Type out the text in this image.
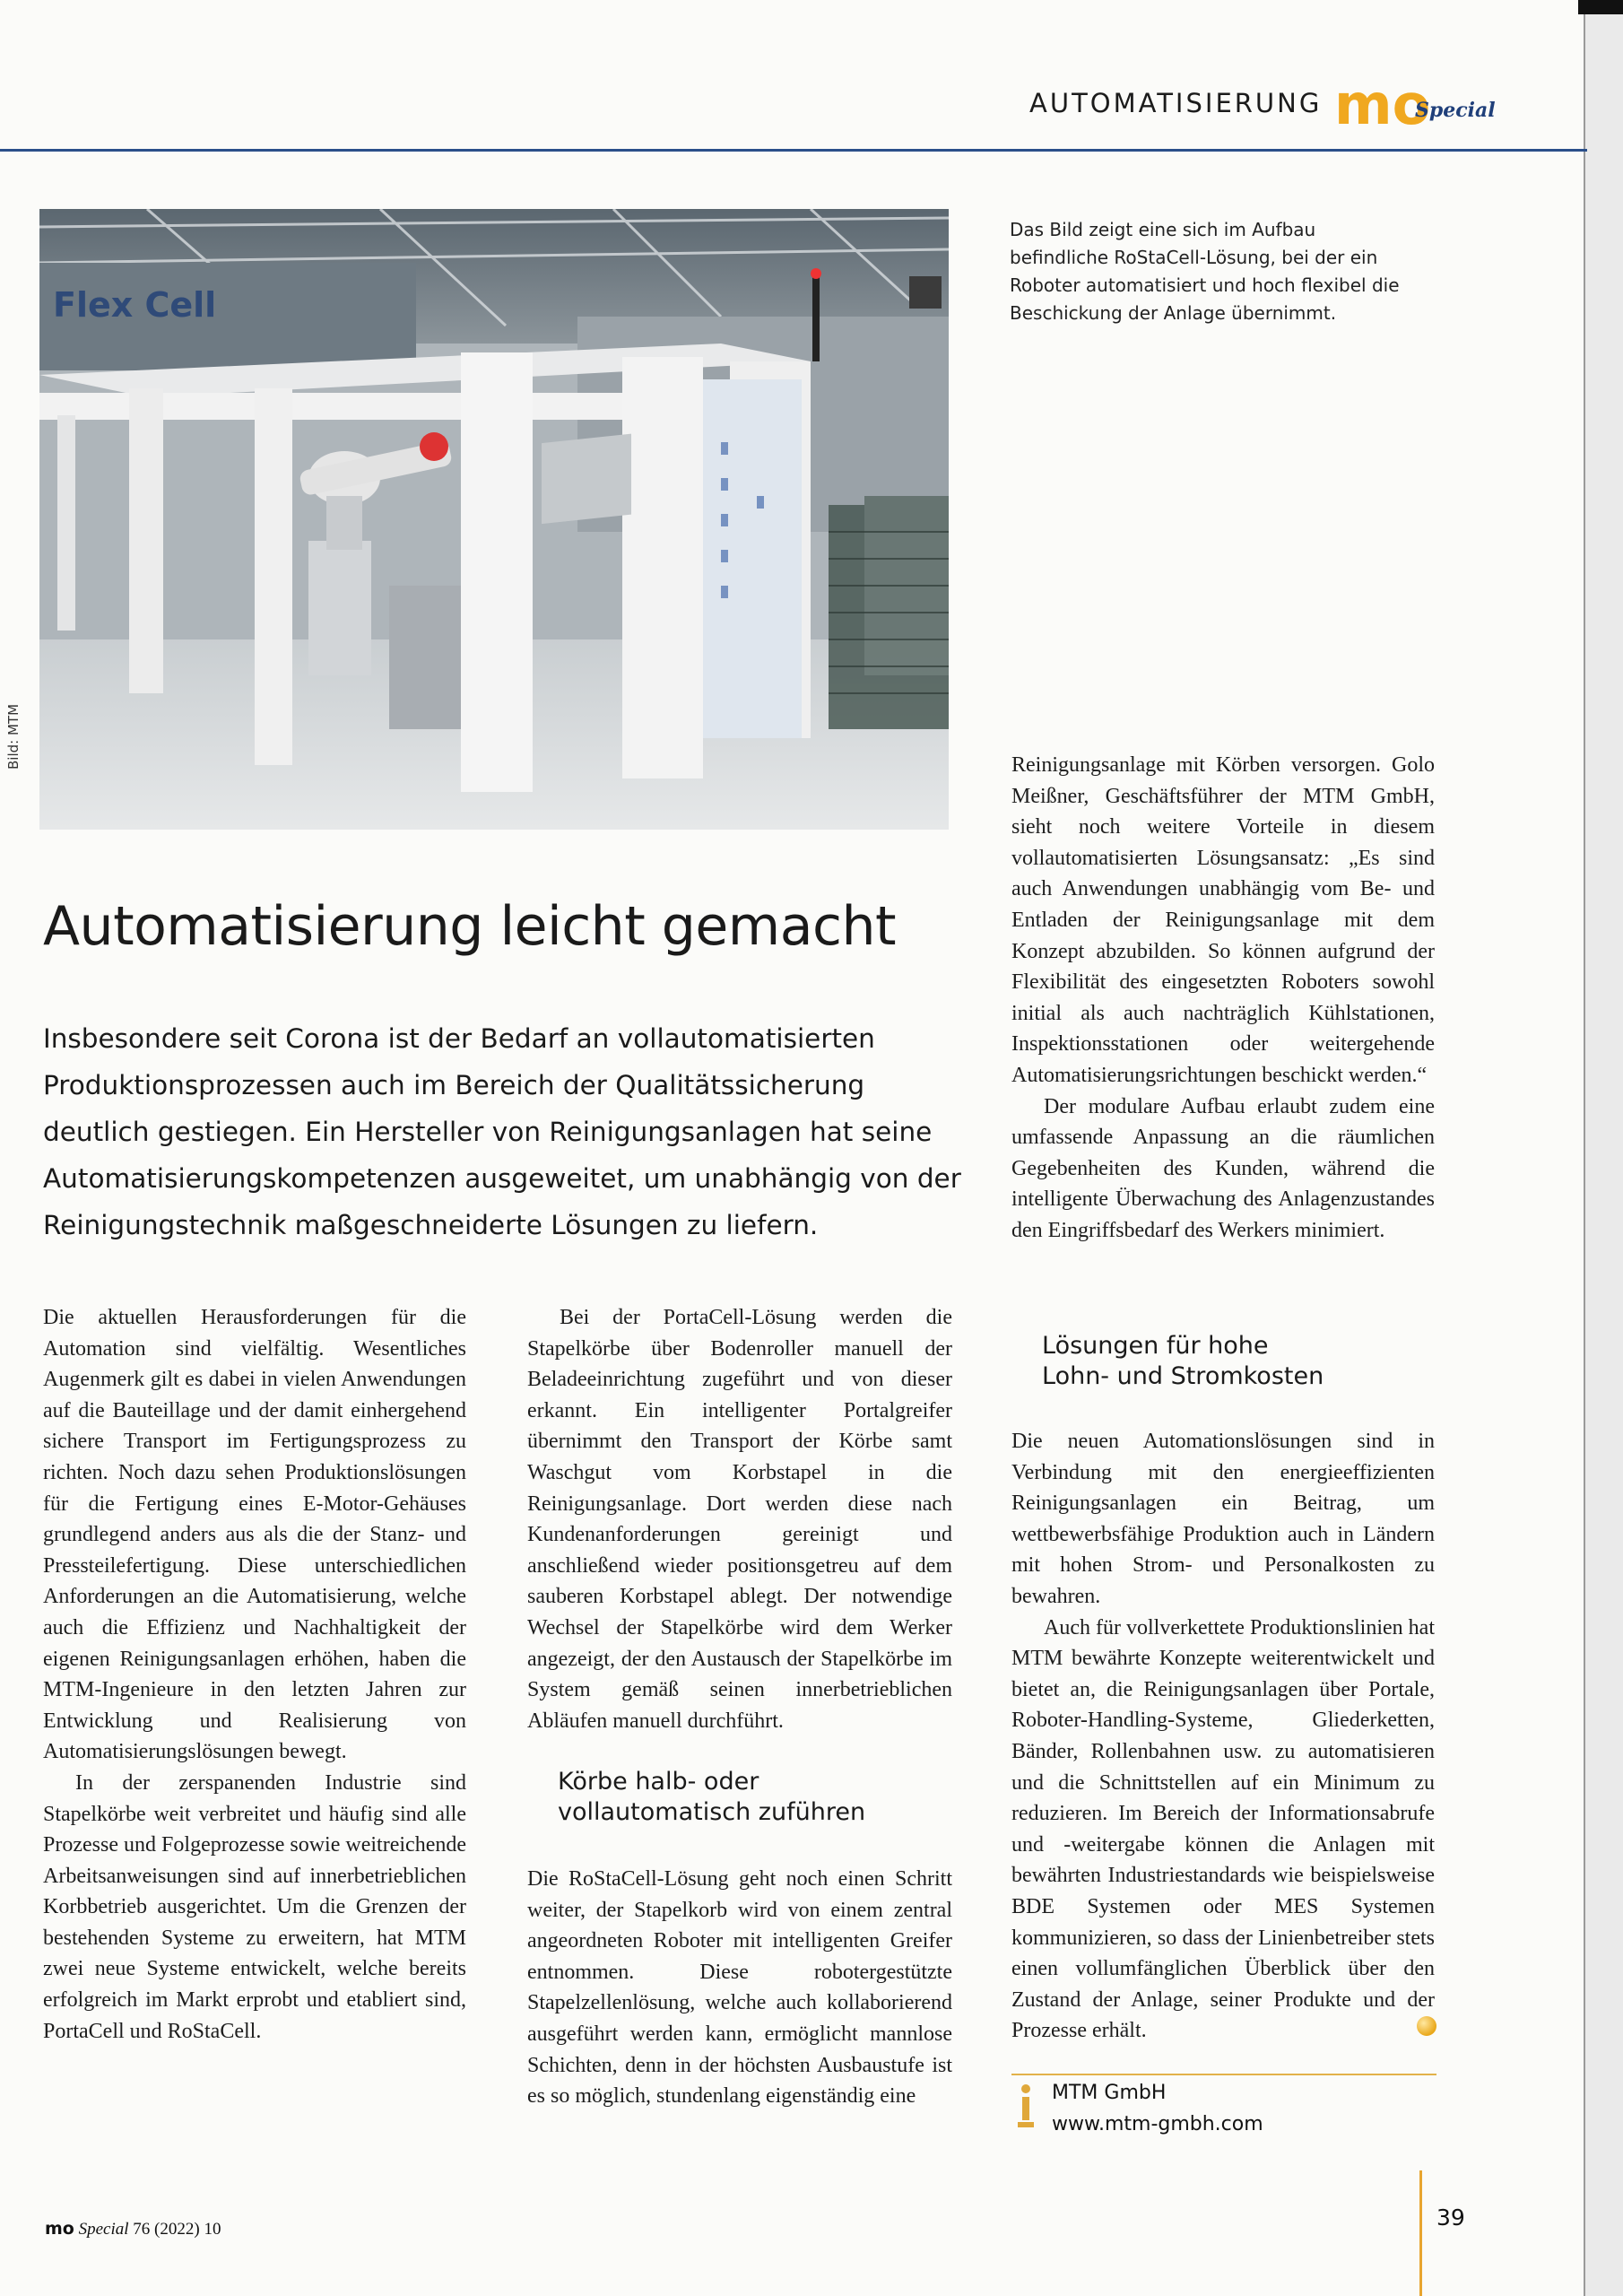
AUTOMATISIERUNG mo
Special
Flex Cell
Bild: MTM
Das Bild zeigt eine sich im Aufbau befindliche RoStaCell-Lösung, bei der ein Roboter automatisiert und hoch flexibel die Beschickung der Anlage übernimmt.
Automatisierung leicht gemacht
Insbesondere seit Corona ist der Bedarf an vollautomatisierten Produktionsprozessen auch im Bereich der Qualitätssicherung deutlich gestiegen. Ein Hersteller von Reinigungsanlagen hat seine Automatisierungskompetenzen ausgeweitet, um unabhängig von der Reinigungstechnik maßgeschneiderte Lösungen zu liefern.

Die aktuellen Herausforderungen für die Automation sind vielfältig. Wesentliches Augenmerk gilt es dabei in vielen Anwendungen auf die Bauteillage und der damit einhergehend sichere Transport im Fertigungsprozess zu richten. Noch dazu sehen Produktionslösungen für die Fertigung eines E-Motor-Gehäuses grundlegend anders aus als die der Stanz- und Pressteilefertigung. Diese unterschiedlichen Anforderungen an die Automatisierung, welche auch die Effizienz und Nachhaltigkeit der eigenen Reinigungsanlagen erhöhen, haben die MTM-Ingenieure in den letzten Jahren zur Entwicklung und Realisierung von Automatisierungslösungen bewegt.

In der zerspanenden Industrie sind Stapelkörbe weit verbreitet und häufig sind alle Prozesse und Folgeprozesse sowie weitreichende Arbeitsanweisungen sind auf innerbetrieblichen Korbbetrieb ausgerichtet. Um die Grenzen der bestehenden Systeme zu erweitern, hat MTM zwei neue Systeme entwickelt, welche bereits erfolgreich im Markt erprobt und etabliert sind, PortaCell und RoStaCell.

Bei der PortaCell-Lösung werden die Stapelkörbe über Bodenroller manuell der Beladeeinrichtung zugeführt und von dieser erkannt. Ein intelligenter Portalgreifer übernimmt den Transport der Körbe samt Waschgut vom Korbstapel in die Reinigungsanlage. Dort werden diese nach Kundenanforderungen gereinigt und anschließend wieder positionsgetreu auf dem sauberen Korbstapel ablegt. Der notwendige Wechsel der Stapelkörbe wird dem Werker angezeigt, der den Austausch der Stapelkörbe im System gemäß seinen innerbetrieblichen Abläufen manuell durchführt.

Körbe halb- oder

vollautomatisch zuführen

Die RoStaCell-Lösung geht noch einen Schritt weiter, der Stapelkorb wird von einem zentral angeordneten Roboter mit intelligenten Greifer entnommen. Diese robotergestützte Stapelzellenlösung, welche auch kollaborierend ausgeführt werden kann, ermöglicht mannlose Schichten, denn in der höchsten Ausbaustufe ist es so möglich, stundenlang eigenständig eine

Reinigungsanlage mit Körben versorgen. Golo Meißner, Geschäftsführer der MTM GmbH, sieht noch weitere Vorteile in diesem vollautomatisierten Lösungsansatz: „Es sind auch Anwendungen unabhängig vom Be- und Entladen der Reinigungsanlage mit dem Konzept abzubilden. So können aufgrund der Flexibilität des eingesetzten Roboters sowohl initial als auch nachträglich Kühlstationen, Inspektionsstationen oder weitergehende Automatisierungsrichtungen beschickt werden.“

Der modulare Aufbau erlaubt zudem eine umfassende Anpassung an die räumlichen Gegebenheiten des Kunden, während die intelligente Überwachung des Anlagenzustandes den Eingriffsbedarf des Werkers minimiert.

Lösungen für hohe

Lohn- und Stromkosten

Die neuen Automationslösungen sind in Verbindung mit den energieeffizienten Reinigungsanlagen ein Beitrag, um wettbewerbsfähige Produktion auch in Ländern mit hohen Strom- und Personalkosten zu bewahren.

Auch für vollverkettete Produktionslinien hat MTM bewährte Konzepte weiterentwickelt und bietet an, die Reinigungsanlagen über Portale, Roboter-Handling-Systeme, Gliederketten, Bänder, Rollenbahnen usw. zu automatisieren und die Schnittstellen auf ein Minimum zu reduzieren. Im Bereich der Informationsabrufe und -weitergabe können die Anlagen mit bewährten Industriestandards wie beispielsweise BDE Systemen oder MES Systemen kommunizieren, so dass der Linienbetreiber stets einen vollumfänglichen Überblick über den Zustand der Anlage, seiner Produkte und der Prozesse erhält.

MTM GmbH
www.mtm-gmbh.com
mo Special 76 (2022) 10	39
